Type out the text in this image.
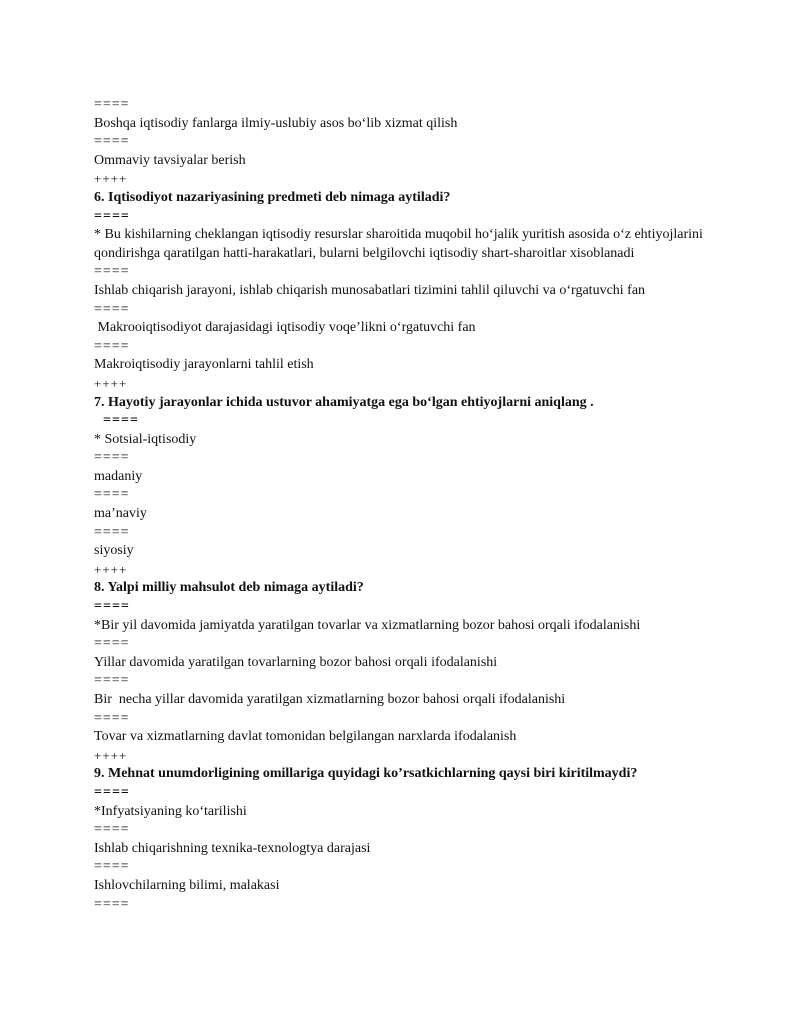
====
Boshqa iqtisodiy fanlarga ilmiy-uslubiy asos bo‘lib xizmat qilish
====
Ommaviy tavsiyalar berish
++++
6. Iqtisodiyot nazariyasining predmeti deb nimaga aytiladi?
====
* Bu kishilarning cheklangan iqtisodiy resurslar sharoitida muqobil ho‘jalik yuritish asosida o‘z ehtiyojlarini qondirishga qaratilgan hatti-harakatlari, bularni belgilovchi iqtisodiy shart-sharoitlar xisoblanadi
====
Ishlab chiqarish jarayoni, ishlab chiqarish munosabatlari tizimini tahlil qiluvchi va o‘rgatuvchi fan
====
Makrooiqtisodiyot darajasidagi iqtisodiy voqe’likni o‘rgatuvchi fan
====
Makroiqtisodiy jarayonlarni tahlil etish
++++
7. Hayotiy jarayonlar ichida ustuvor ahamiyatga ega bo‘lgan ehtiyojlarni aniqlang .
====
* Sotsial-iqtisodiy
====
madaniy
====
ma’naviy
====
siyosiy
++++
8. Yalpi milliy mahsulot deb nimaga aytiladi?
====
*Bir yil davomida jamiyatda yaratilgan tovarlar va xizmatlarning bozor bahosi orqali ifodalanishi
====
Yillar davomida yaratilgan tovarlarning bozor bahosi orqali ifodalanishi
====
Bir  necha yillar davomida yaratilgan xizmatlarning bozor bahosi orqali ifodalanishi
====
Tovar va xizmatlarning davlat tomonidan belgilangan narxlarda ifodalanish
++++
9. Mehnat unumdorligining omillariga quyidagi ko’rsatkichlarning qaysi biri kiritilmaydi?
====
*Infyatsiyaning ko‘tarilishi
====
Ishlab chiqarishning texnika-texnologtya darajasi
====
Ishlovchilarning bilimi, malakasi
====
